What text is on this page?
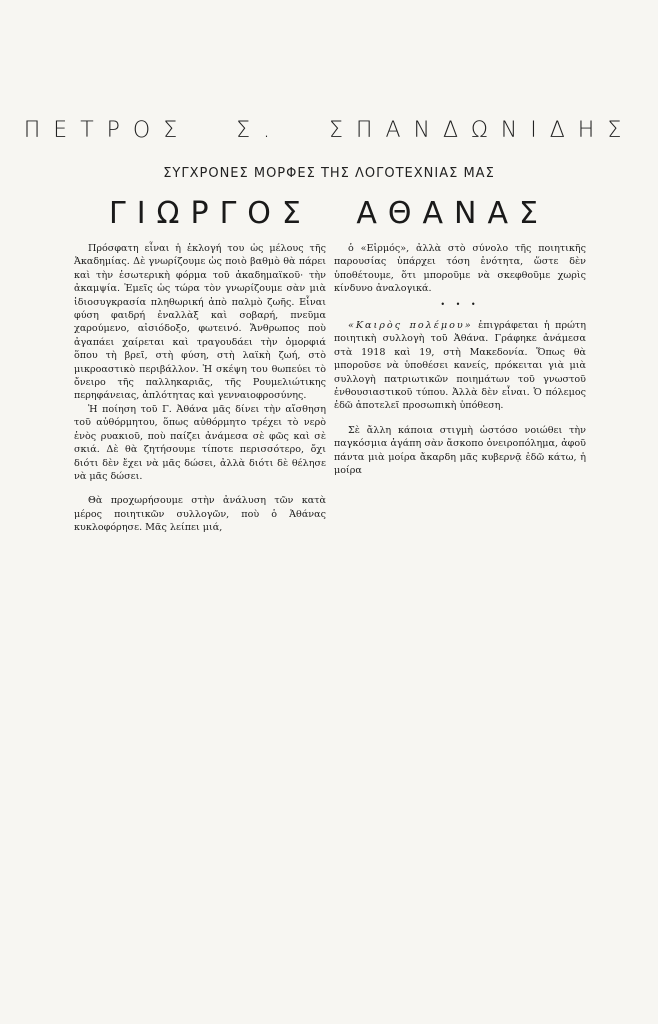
ΠΕΤΡΟΣ Σ. ΣΠΑΝΔΩΝΙΔΗΣ
ΣΥΓΧΡΟΝΕΣ ΜΟΡΦΕΣ ΤΗΣ ΛΟΓΟΤΕΧΝΙΑΣ ΜΑΣ
ΓΙΩΡΓΟΣ ΑΘΑΝΑΣ

Πρόσφατη εἶναι ἡ ἐκλογή του ὡς μέλους τῆς Ἀκαδημίας. Δὲ γνωρίζουμε ὡς ποιὸ βαθμὸ θὰ πάρει καὶ τὴν ἐσωτερικὴ φόρμα τοῦ ἀκαδημαϊκοῦ· τὴν ἀκαμψία. Ἐμεῖς ὡς τώρα τὸν γνωρίζουμε σὰν μιὰ ἰδιοσυγκρασία πληθωρική ἀπὸ παλμὸ ζωῆς. Εἶναι φύση φαιδρή ἐναλλὰξ καὶ σοβαρή, πνεῦμα χαρούμενο, αἰσιόδοξο, φωτεινό. Ἄνθρωπος ποὺ ἀγαπάει χαίρεται καὶ τραγουδάει τὴν ὀμορφιά ὅπου τὴ βρεῖ, στὴ φύση, στὴ λαϊκὴ ζωή, στὸ μικροαστικὸ περιβάλλον. Ἡ σκέψη του θωπεύει τὸ ὄνειρο τῆς παλληκαριᾶς, τῆς Ρουμελιώτικης περηφάνειας, ἀπλότητας καὶ γενναιοφροσύνης.

Ἡ ποίηση τοῦ Γ. Ἀθάνα μᾶς δίνει τὴν αἴσθηση τοῦ αὐθόρμητου, ὅπως αὐθόρμητο τρέχει τὸ νερὸ ἑνὸς ρυακιοῦ, ποὺ παίζει ἀνάμεσα σὲ φῶς καὶ σὲ σκιά. Δὲ θὰ ζητήσουμε τίποτε περισσότερο, ὄχι διότι δὲν ἔχει νὰ μᾶς δώσει, ἀλλὰ διότι δὲ θέλησε νὰ μᾶς δώσει.

Θὰ προχωρήσουμε στὴν ἀνάλυση τῶν κατὰ μέρος ποιητικῶν συλλογῶν, ποὺ ὁ Ἀθάνας κυκλοφόρησε. Μᾶς λείπει μιά,

ὁ «Εἱρμός», ἀλλὰ στὸ σύνολο τῆς ποιητικῆς παρουσίας ὑπάρχει τόση ἑνότητα, ὥστε δὲν ὑποθέτουμε, ὅτι μποροῦμε νὰ σκεφθοῦμε χωρὶς κίνδυνο ἀναλογικά.

• • •

«Καιρὸς πολέμου» ἐπιγράφεται ἡ πρώτη ποιητικὴ συλλογὴ τοῦ Ἀθάνα. Γράφηκε ἀνάμεσα στὰ 1918 καὶ 19, στὴ Μακεδονία. Ὅπως θὰ μποροῦσε νὰ ὑποθέσει κανείς, πρόκειται γιὰ μιὰ συλλογὴ πατριωτικῶν ποιημάτων τοῦ γνωστοῦ ἐνθουσιαστικοῦ τύπου. Ἀλλὰ δὲν εἶναι. Ὁ πόλεμος ἐδῶ ἀποτελεῖ προσωπικὴ ὑπόθεση.

Σὲ ἄλλη κάποια στιγμὴ ὡστόσο νοιώθει τὴν παγκόσμια ἀγάπη σὰν ἄσκοπο ὀνειροπόλημα, ἀφοῦ πάντα μιὰ μοίρα ἄκαρδη μᾶς κυβερνᾷ ἐδῶ κάτω, ἡ μοίρα
